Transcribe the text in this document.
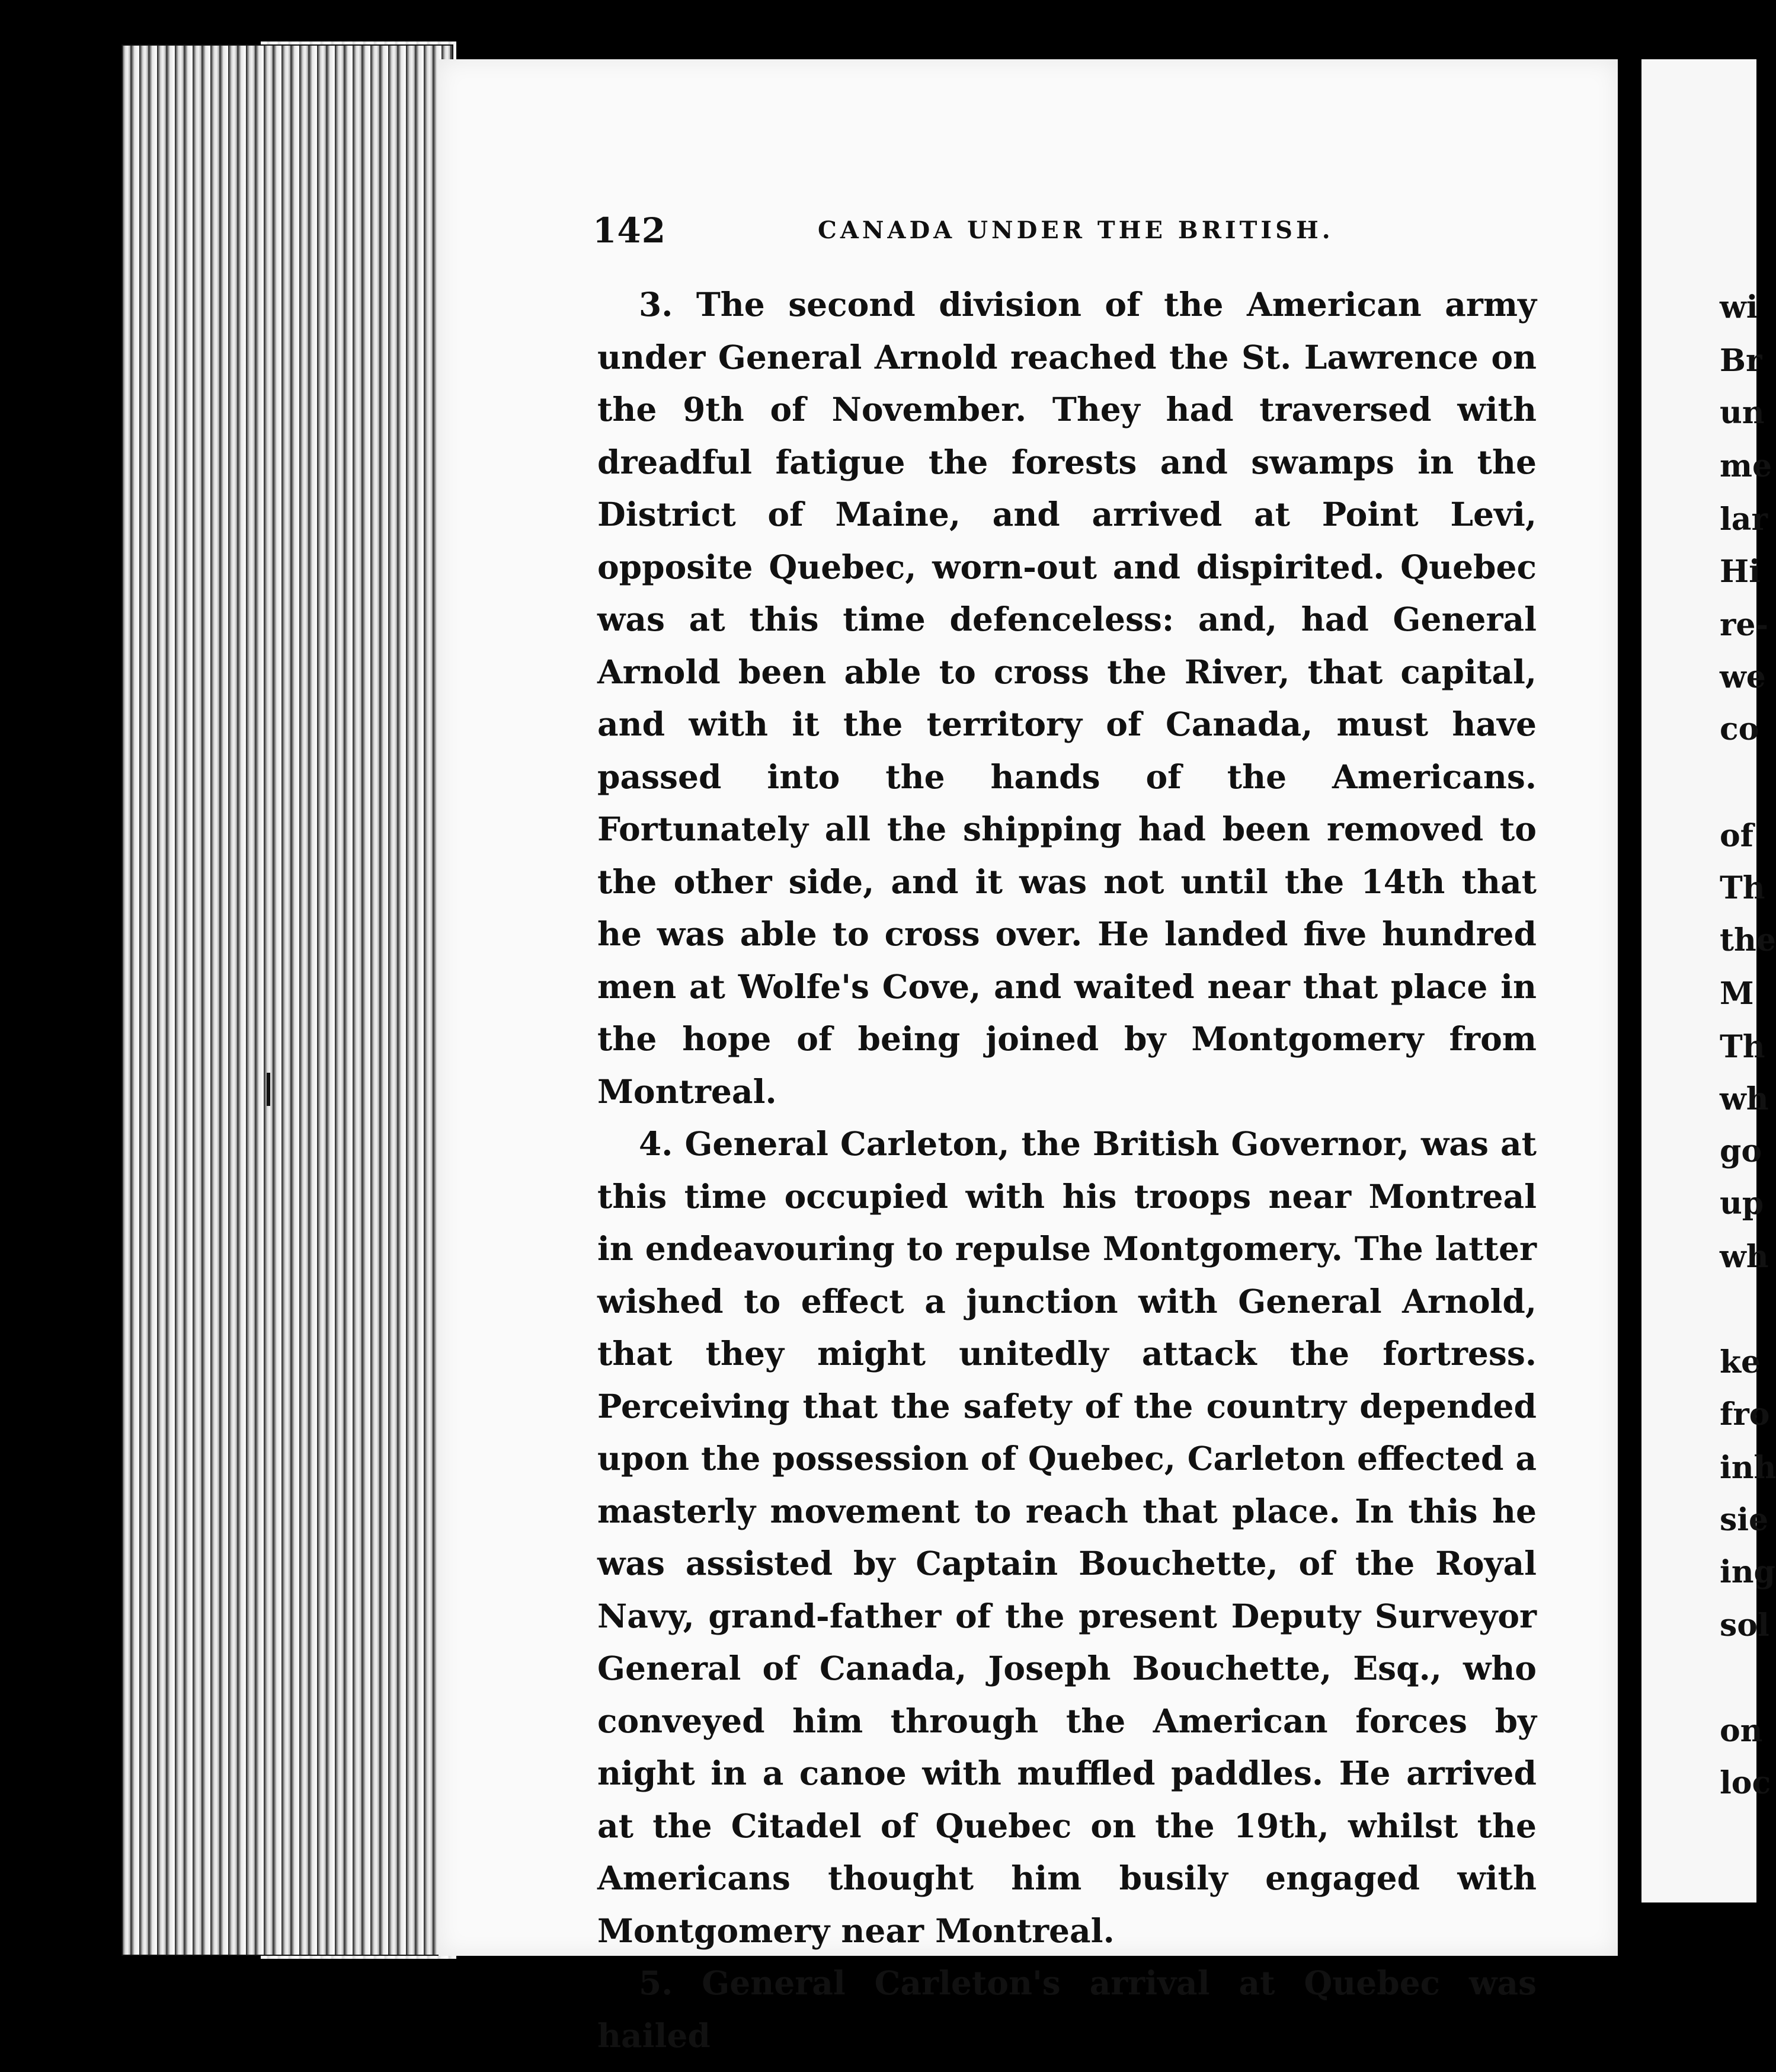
142	CANADA UNDER THE BRITISH.

3. The second division of the American army under General Arnold reached the St. Lawrence on the 9th of November. They had traversed with dreadful fatigue the forests and swamps in the District of Maine, and arrived at Point Levi, opposite Quebec, worn-out and dispirited. Quebec was at this time defenceless: and, had General Arnold been able to cross the River, that capital, and with it the territory of Canada, must have passed into the hands of the Americans. Fortunately all the shipping had been removed to the other side, and it was not until the 14th that he was able to cross over. He landed five hundred men at Wolfe's Cove, and waited near that place in the hope of being joined by Montgomery from Montreal.

4. General Carleton, the British Governor, was at this time occupied with his troops near Montreal in endeavouring to repulse Montgomery. The latter wished to effect a junction with General Arnold, that they might unitedly attack the fortress. Perceiving that the safety of the country depended upon the possession of Quebec, Carleton effected a masterly movement to reach that place. In this he was assisted by Captain Bouchette, of the Royal Navy, grand-father of the present Deputy Surveyor General of Canada, Joseph Bouchette, Esq., who conveyed him through the American forces by night in a canoe with muffled paddles. He arrived at the Citadel of Quebec on the 19th, whilst the Americans thought him busily engaged with Montgomery near Montreal.

5. General Carleton's arrival at Quebec was hailed

wi
Br
un
me
lar
Hi
re-
we
co
of
Th
the
M
Th
wh
go
up
wh
ke
fro
inh
sie
ing
sol
on
loc
